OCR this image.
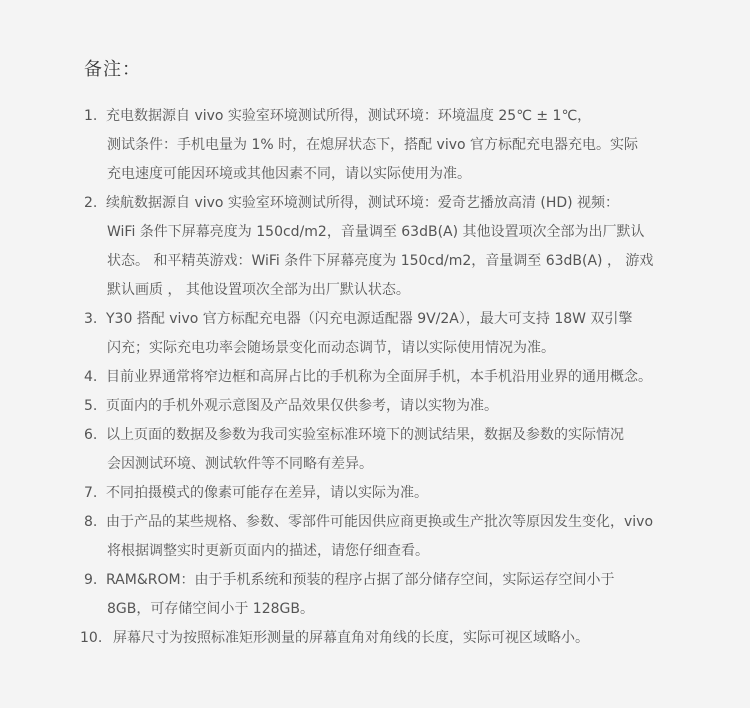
备注：
1. 充电数据源自 vivo 实验室环境测试所得，测试环境：环境温度 25℃ ± 1℃，
测试条件：手机电量为 1% 时，在熄屏状态下，搭配 vivo 官方标配充电器充电。实际
充电速度可能因环境或其他因素不同，请以实际使用为准。
2. 续航数据源自 vivo 实验室环境测试所得，测试环境：爱奇艺播放高清 (HD) 视频：
WiFi 条件下屏幕亮度为 150cd/m2，音量调至 63dB(A) 其他设置项次全部为出厂默认
状态。 和平精英游戏：WiFi 条件下屏幕亮度为 150cd/m2，音量调至 63dB(A) ， 游戏
默认画质 ， 其他设置项次全部为出厂默认状态。
3. Y30 搭配 vivo 官方标配充电器（闪充电源适配器 9V/2A），最大可支持 18W 双引擎
闪充；实际充电功率会随场景变化而动态调节，请以实际使用情况为准。
4. 目前业界通常将窄边框和高屏占比的手机称为全面屏手机，本手机沿用业界的通用概念。
5. 页面内的手机外观示意图及产品效果仅供参考，请以实物为准。
6. 以上页面的数据及参数为我司实验室标准环境下的测试结果，数据及参数的实际情况
会因测试环境、测试软件等不同略有差异。
7. 不同拍摄模式的像素可能存在差异，请以实际为准。
8. 由于产品的某些规格、参数、零部件可能因供应商更换或生产批次等原因发生变化，vivo
将根据调整实时更新页面内的描述，请您仔细查看。
9. RAM&ROM：由于手机系统和预装的程序占据了部分储存空间，实际运存空间小于
8GB，可存储空间小于 128GB。
10. 屏幕尺寸为按照标准矩形测量的屏幕直角对角线的长度，实际可视区域略小。
